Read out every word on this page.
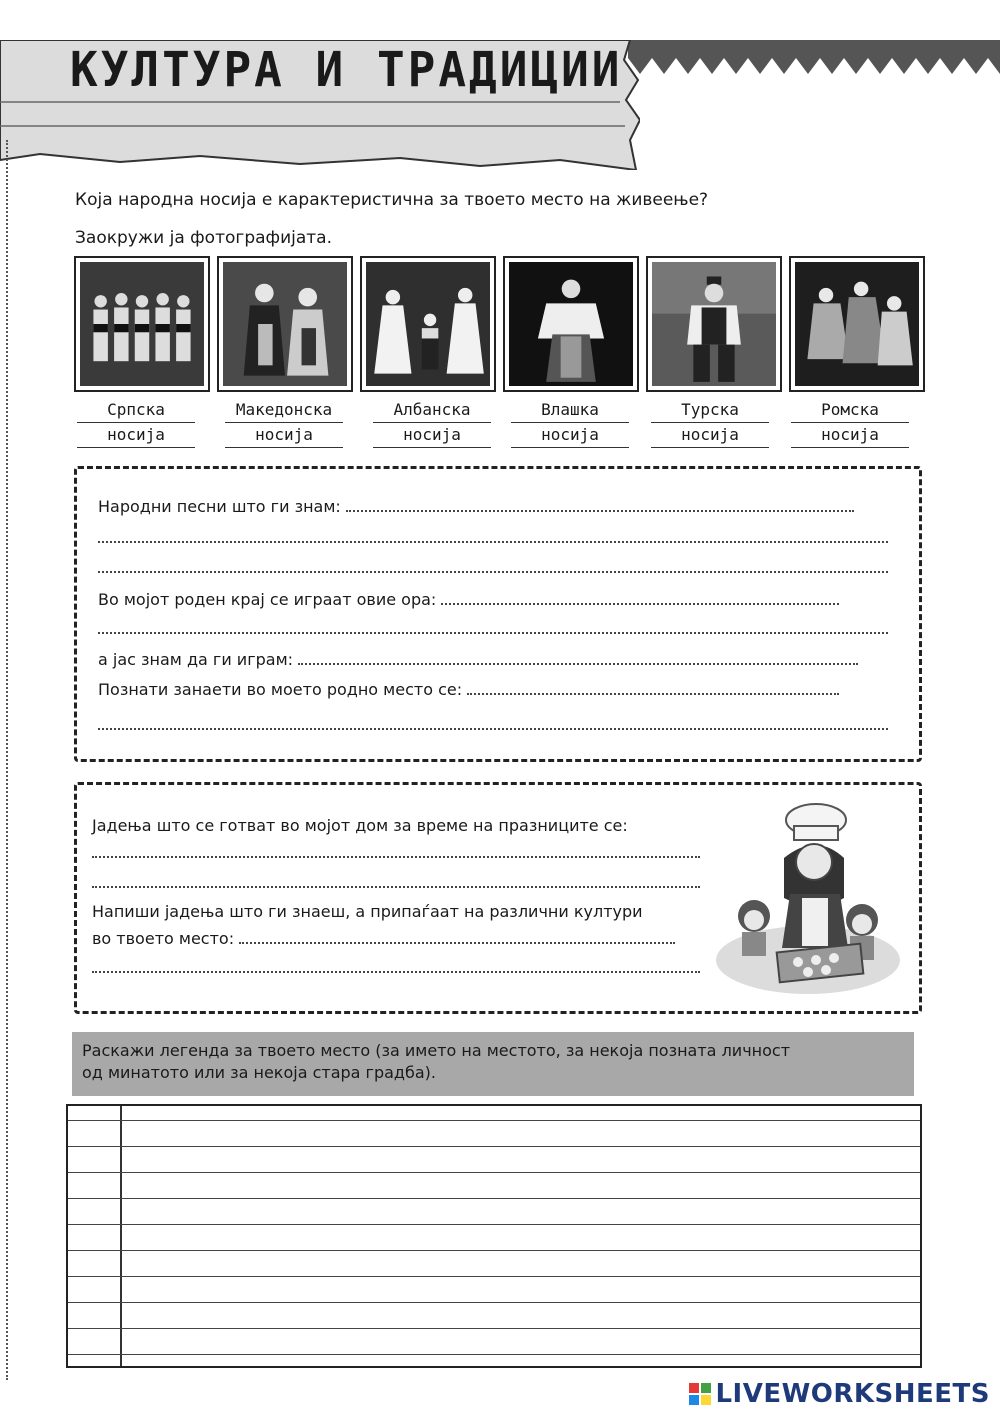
КУЛТУРА И ТРАДИЦИИ
Која народна носија е карактеристична за твоето место на живеење?
Заокружи ја фотографијата.
Српска
носија
Македонска
носија
Албанска
носија
Влашка
носија
Турска
носија
Ромска
носија
Народни песни што ги знам:
Во мојот роден крај се играат овие ора:
а јас знам да ги играм:
Познати занаети во моето родно место се:
Јадења што се готват во мојот дом за време на празниците се:
Напиши јадења што ги знаеш, а припаѓаат на различни култури
во твоето место:

Раскажи легенда за твоето место (за името на местото, за некоја позната личност
од минатото или за некоја стара градба).

LIVEWORKSHEETS
